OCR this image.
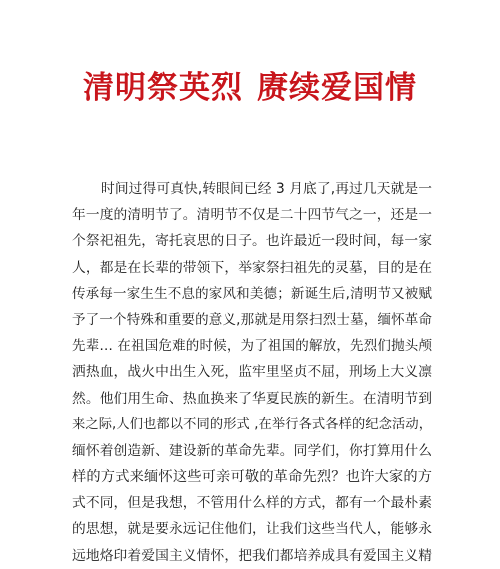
清明祭英烈 赓续爱国情
时间过得可真快,转眼间已经 3 月底了,再过几天就是一
年一度的清明节了。清明节不仅是二十四节气之一，还是一
个祭祀祖先，寄托哀思的日子。也许最近一段时间，每一家
人，都是在长辈的带领下，举家祭扫祖先的灵墓，目的是在
传承每一家生生不息的家风和美德；新诞生后,清明节又被赋
予了一个特殊和重要的意义,那就是用祭扫烈士墓，缅怀革命
先辈… 在祖国危难的时候，为了祖国的解放，先烈们抛头颅
洒热血，战火中出生入死，监牢里坚贞不屈，刑场上大义凛
然。他们用生命、热血换来了华夏民族的新生。在清明节到
来之际,人们也都以不同的形式 ,在举行各式各样的纪念活动，
缅怀着创造新、建设新的革命先辈。同学们，你打算用什么
样的方式来缅怀这些可亲可敬的革命先烈？也许大家的方
式不同，但是我想，不管用什么样的方式，都有一个最朴素
的思想，就是要永远记住他们，让我们这些当代人，能够永
远地烙印着爱国主义情怀，把我们都培养成具有爱国主义精
